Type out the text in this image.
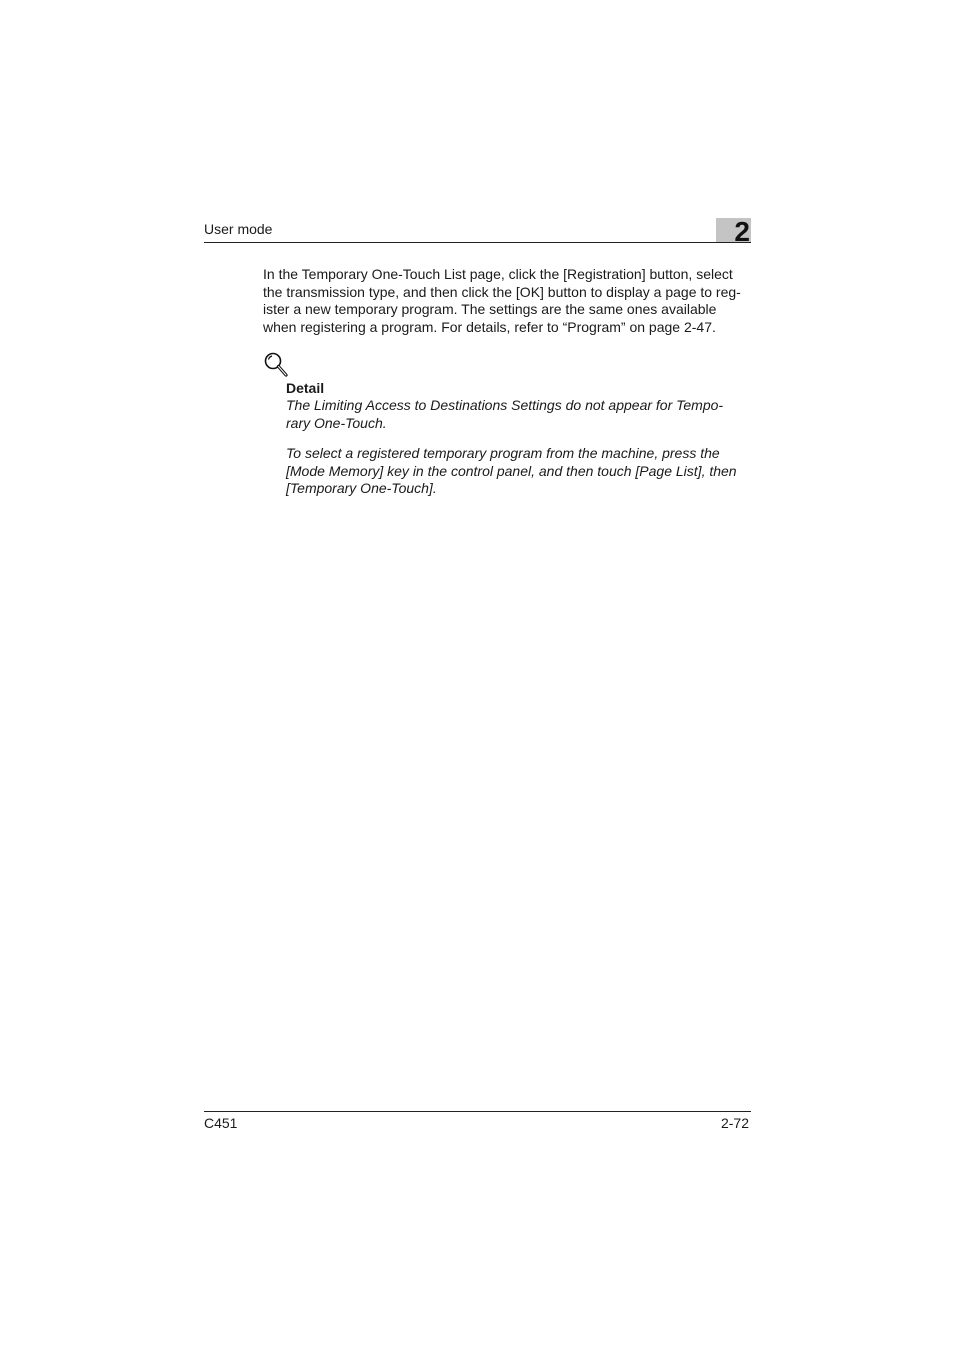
User mode	2

In the Temporary One-Touch List page, click the [Registration] button, select
the transmission type, and then click the [OK] button to display a page to reg-
ister a new temporary program. The settings are the same ones available
when registering a program. For details, refer to “Program” on page 2-47.

Detail

The Limiting Access to Destinations Settings do not appear for Tempo-
rary One-Touch.

To select a registered temporary program from the machine, press the
[Mode Memory] key in the control panel, and then touch [Page List], then
[Temporary One-Touch].

C451	2-72
